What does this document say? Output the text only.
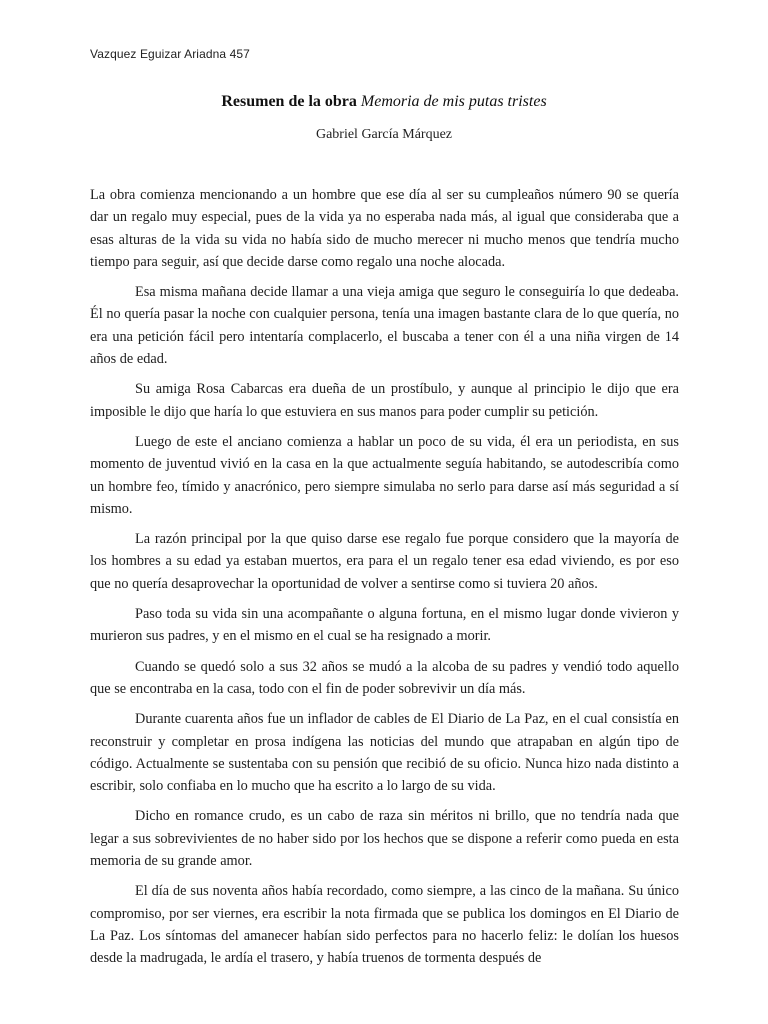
Vazquez Eguizar Ariadna 457
Resumen de la obra Memoria de mis putas tristes
Gabriel García Márquez

La obra comienza mencionando a un hombre que ese día al ser su cumpleaños número 90 se quería dar un regalo muy especial, pues de la vida ya no esperaba nada más, al igual que consideraba que a esas alturas de la vida su vida no había sido de mucho merecer ni mucho menos que tendría mucho tiempo para seguir, así que decide darse como regalo una noche alocada.

Esa misma mañana decide llamar a una vieja amiga que seguro le conseguiría lo que dedeaba. Él no quería pasar la noche con cualquier persona, tenía una imagen bastante clara de lo que quería, no era una petición fácil pero intentaría complacerlo, el buscaba a tener con él a una niña virgen de 14 años de edad.

Su amiga Rosa Cabarcas era dueña de un prostíbulo, y aunque al principio le dijo que era imposible le dijo que haría lo que estuviera en sus manos para poder cumplir su petición.

Luego de este el anciano comienza a hablar un poco de su vida, él era un periodista, en sus momento de juventud vivió en la casa en la que actualmente seguía habitando, se autodescribía como un hombre feo, tímido y anacrónico, pero siempre simulaba no serlo para darse así más seguridad a sí mismo.

La razón principal por la que quiso darse ese regalo fue porque considero que la mayoría de los hombres a su edad ya estaban muertos, era para el un regalo tener esa edad viviendo, es por eso que no quería desaprovechar la oportunidad de volver a sentirse como si tuviera 20 años.

Paso toda su vida sin una acompañante o alguna fortuna, en el mismo lugar donde vivieron y murieron sus padres, y en el mismo en el cual se ha resignado a morir.

Cuando se quedó solo a sus 32 años se mudó a la alcoba de su padres y vendió todo aquello que se encontraba en la casa, todo con el fin de poder sobrevivir un día más.

Durante cuarenta años fue un inflador de cables de El Diario de La Paz, en el cual consistía en reconstruir y completar en prosa indígena las noticias del mundo que atrapaban en algún tipo de código. Actualmente se sustentaba con su pensión que recibió de su oficio. Nunca hizo nada distinto a escribir, solo confiaba en lo mucho que ha escrito a lo largo de su vida.

Dicho en romance crudo, es un cabo de raza sin méritos ni brillo, que no tendría nada que legar a sus sobrevivientes de no haber sido por los hechos que se dispone a referir como pueda en esta memoria de su grande amor.

El día de sus noventa años había recordado, como siempre, a las cinco de la mañana. Su único compromiso, por ser viernes, era escribir la nota firmada que se publica los domingos en El Diario de La Paz. Los síntomas del amanecer habían sido perfectos para no hacerlo feliz: le dolían los huesos desde la madrugada, le ardía el trasero, y había truenos de tormenta después de
